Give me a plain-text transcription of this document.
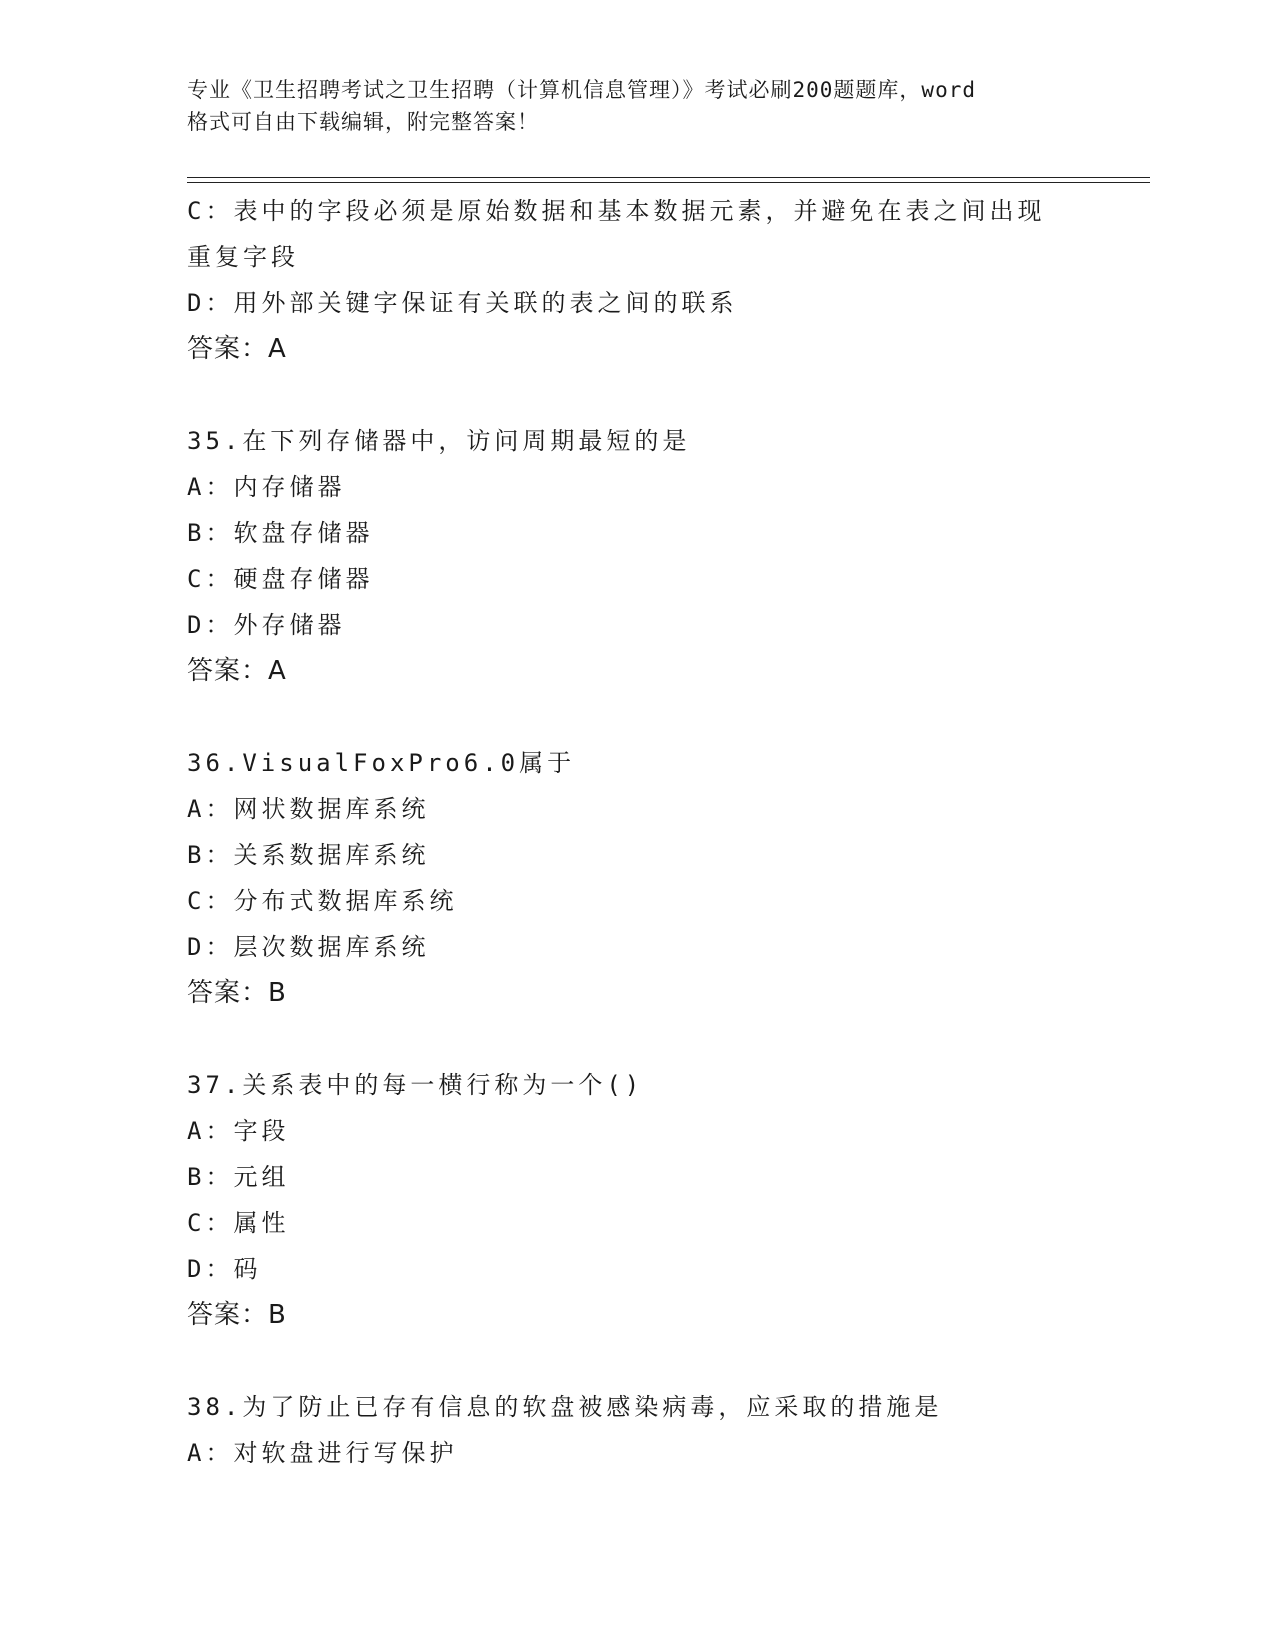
专业《卫生招聘考试之卫生招聘（计算机信息管理）》考试必刷200题题库，word
格式可自由下载编辑，附完整答案！
C：表中的字段必须是原始数据和基本数据元素，并避免在表之间出现
重复字段
D：用外部关键字保证有关联的表之间的联系
答案：A
35.在下列存储器中，访问周期最短的是
A：内存储器
B：软盘存储器
C：硬盘存储器
D：外存储器
答案：A
36.VisualFoxPro6.0属于
A：网状数据库系统
B：关系数据库系统
C：分布式数据库系统
D：层次数据库系统
答案：B
37.关系表中的每一横行称为一个()
A：字段
B：元组
C：属性
D：码
答案：B
38.为了防止已存有信息的软盘被感染病毒，应采取的措施是
A：对软盘进行写保护
